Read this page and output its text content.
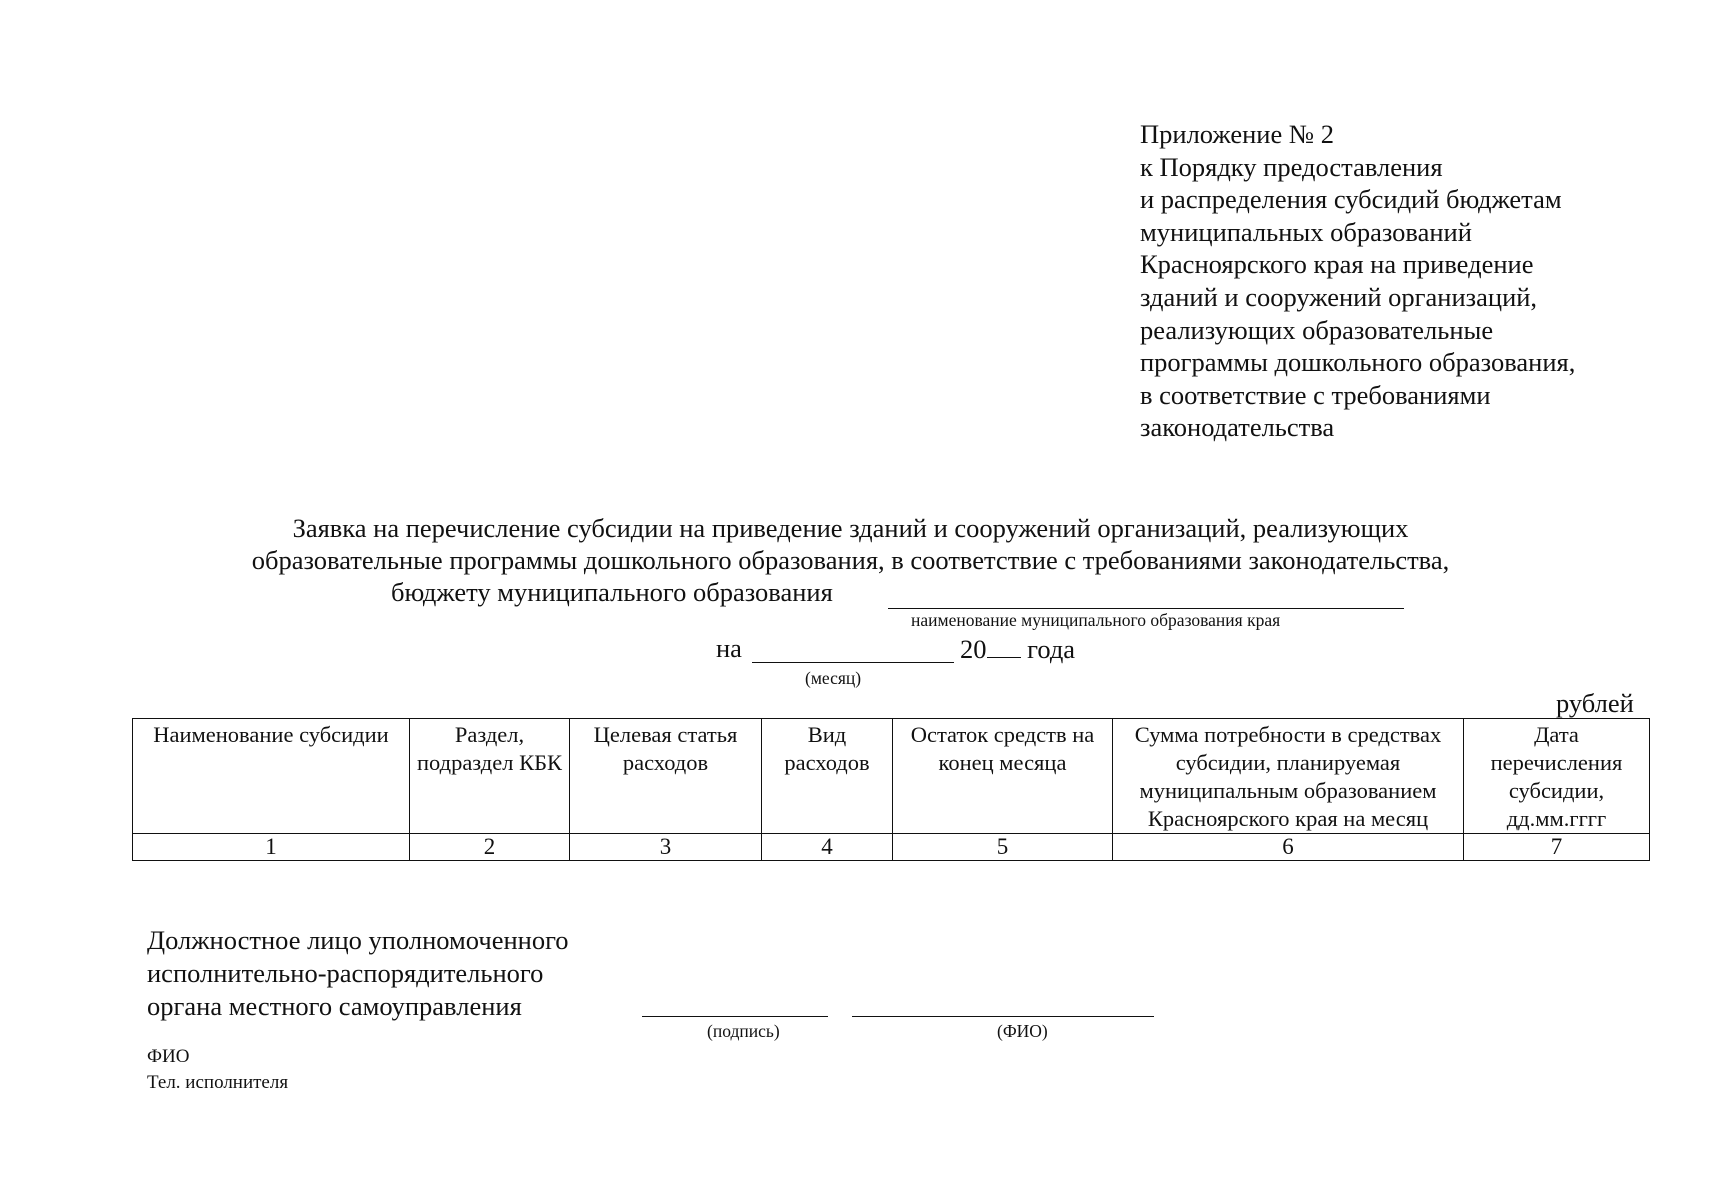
Приложение № 2
к Порядку предоставления
и распределения субсидий бюджетам
муниципальных образований
Красноярского края на приведение
зданий и сооружений организаций,
реализующих образовательные
программы дошкольного образования,
в соответствие с требованиями
законодательства
Заявка на перечисление субсидии на приведение зданий и сооружений организаций, реализующих
образовательные программы дошкольного образования, в соответствие с требованиями законодательства,
бюджету муниципального образования
наименование муниципального образования края
на	20 года
(месяц)
рублей
Наименование субсидии	Раздел, подраздел КБК	Целевая статья расходов	Вид расходов	Остаток средств на конец месяца	Сумма потребности в средствах субсидии, планируемая муниципальным образованием Красноярского края на месяц	Дата перечисления субсидии, дд.мм.гггг
1	2	3	4	5	6	7
Должностное лицо уполномоченного
исполнительно-распорядительного
органа местного самоуправления
(подпись)	(ФИО)
ФИО
Тел. исполнителя
